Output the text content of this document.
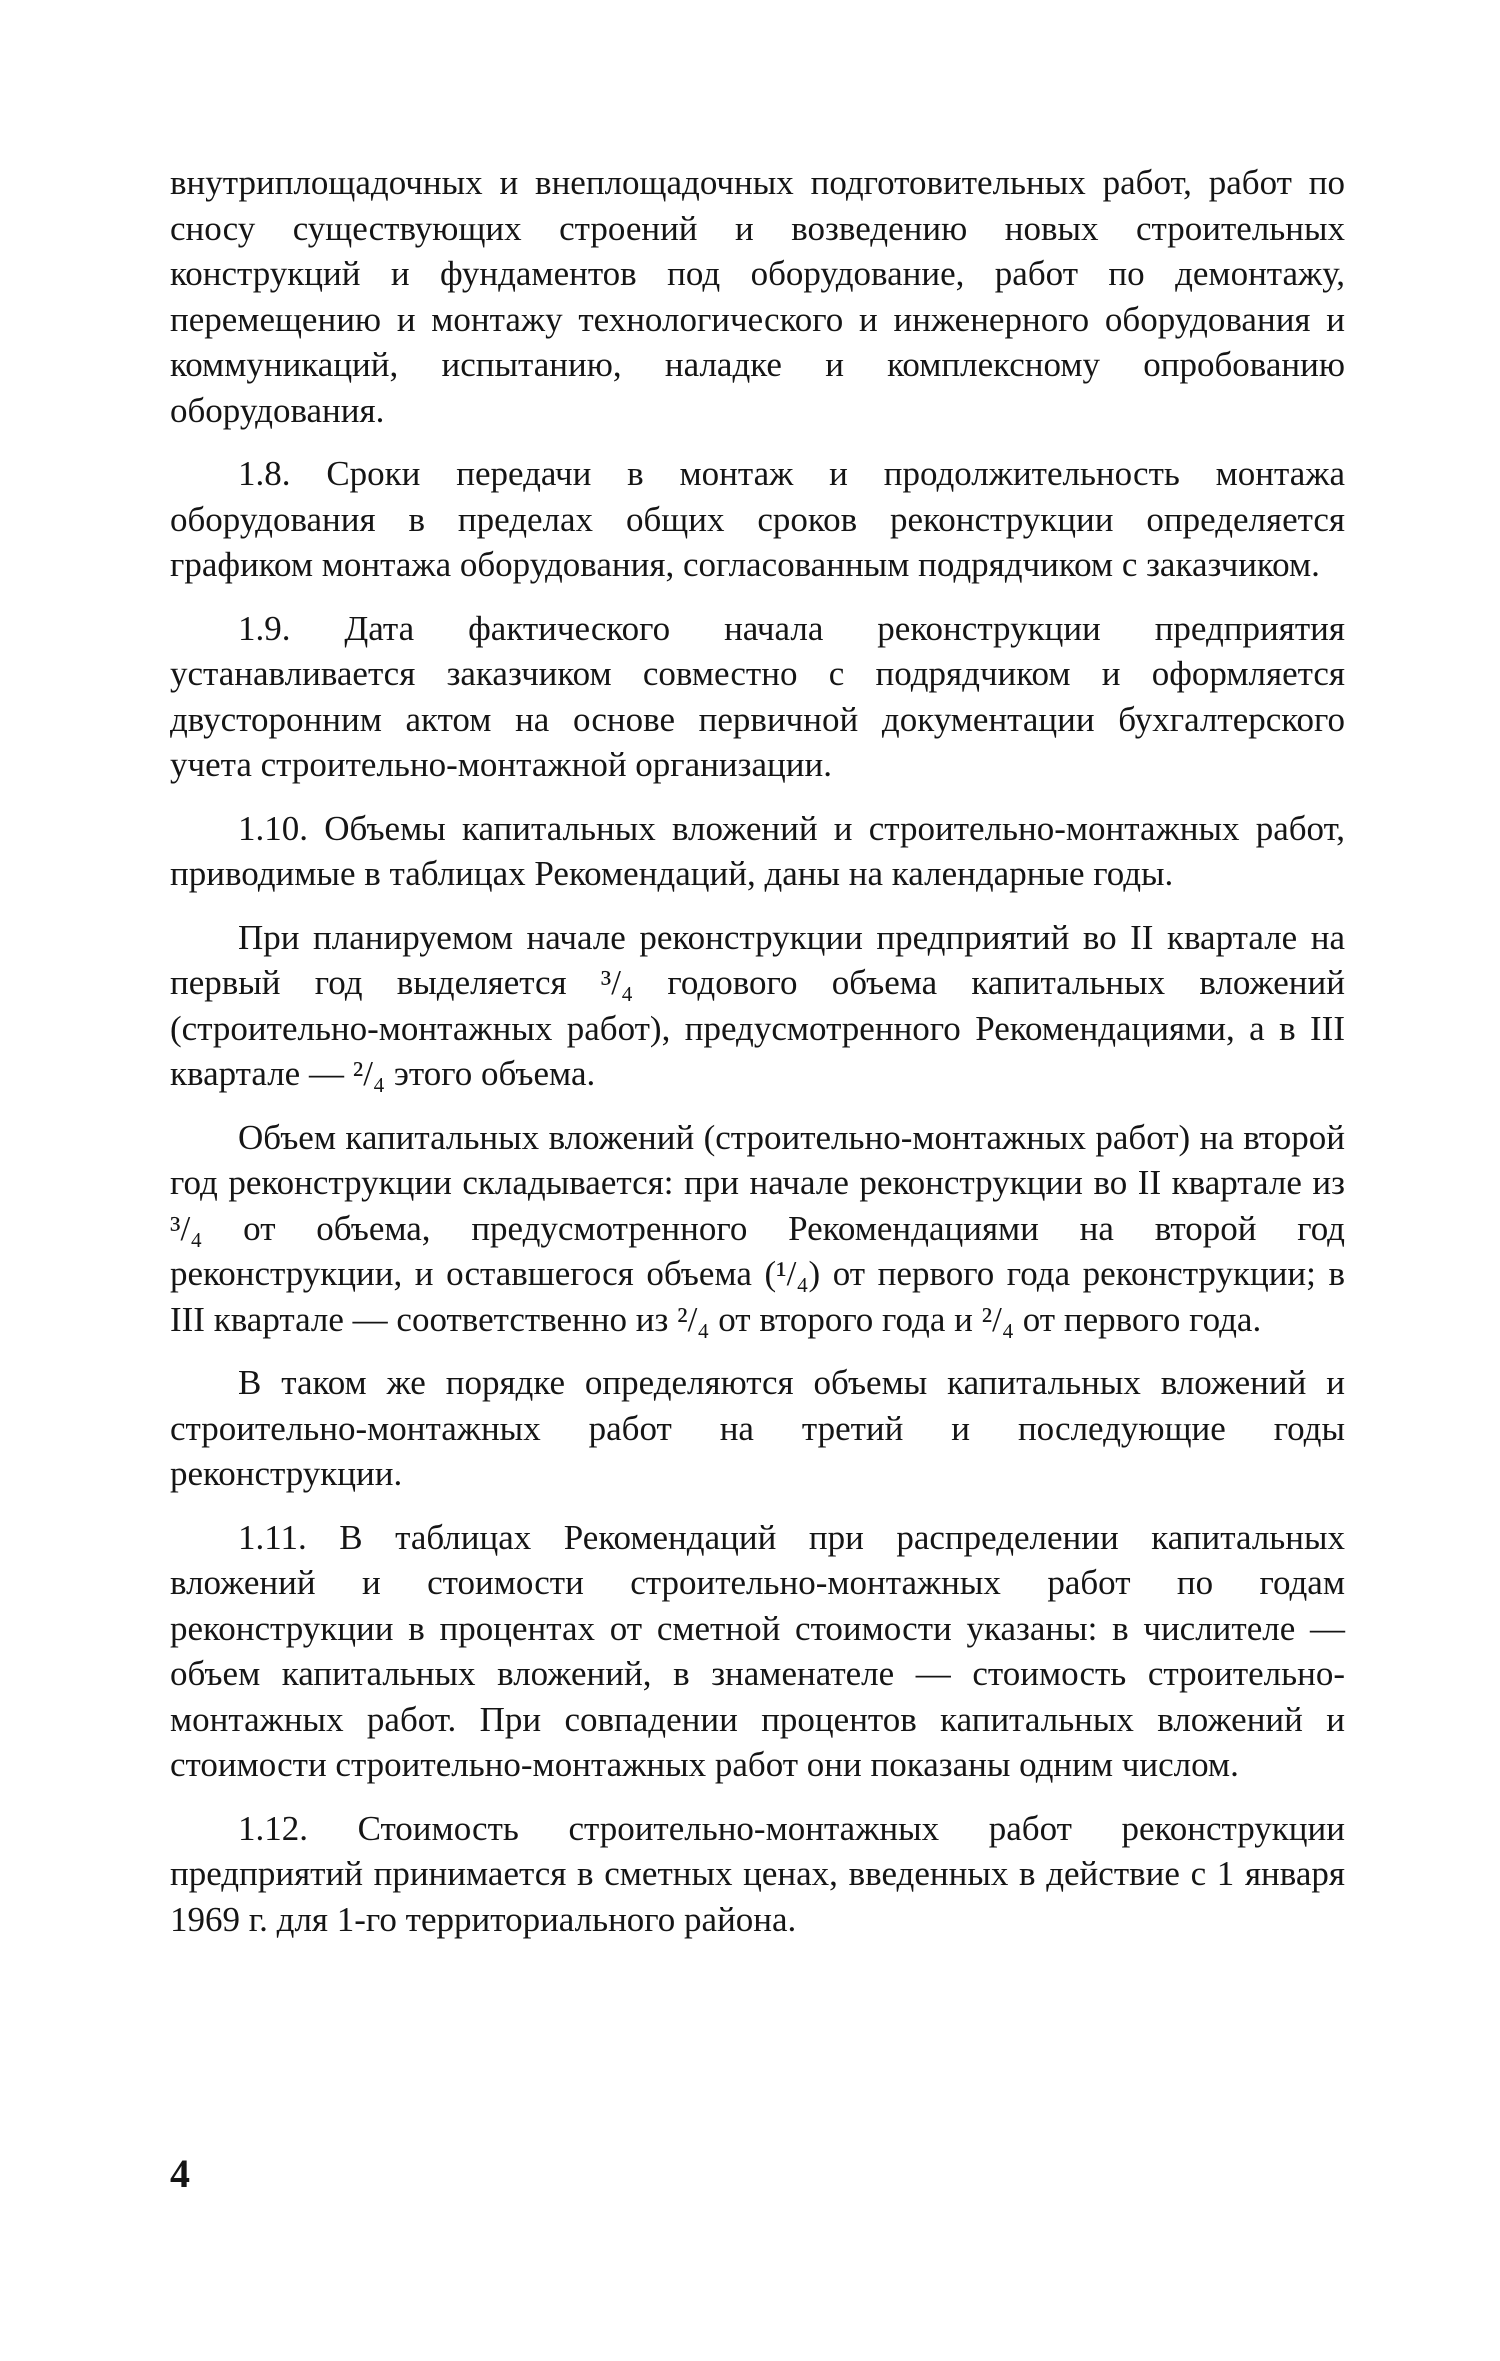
внутриплощадочных и внеплощадочных подготовительных работ, работ по сносу существующих строений и возведению новых строительных конструкций и фундаментов под оборудование, работ по демонтажу, перемещению и монтажу технологического и инженерного оборудования и коммуникаций, испытанию, наладке и комплексному опробованию оборудования.

1.8. Сроки передачи в монтаж и продолжительность монтажа оборудования в пределах общих сроков реконструкции определяется графиком монтажа оборудования, согласованным подрядчиком с заказчиком.

1.9. Дата фактического начала реконструкции предприятия устанавливается заказчиком совместно с подрядчиком и оформляется двусторонним актом на основе первичной документации бухгалтерского учета строительно-монтажной организации.

1.10. Объемы капитальных вложений и строительно-монтажных работ, приводимые в таблицах Рекомендаций, даны на календарные годы.

При планируемом начале реконструкции предприятий во II квартале на первый год выделяется ³/₄ годового объема капитальных вложений (строительно-монтажных работ), предусмотренного Рекомендациями, а в III квартале — ²/₄ этого объема.

Объем капитальных вложений (строительно-монтажных работ) на второй год реконструкции складывается: при начале реконструкции во II квартале из ³/₄ от объема, предусмотренного Рекомендациями на второй год реконструкции, и оставшегося объема (¹/₄) от первого года реконструкции; в III квартале — соответственно из ²/₄ от второго года и ²/₄ от первого года.

В таком же порядке определяются объемы капитальных вложений и строительно-монтажных работ на третий и последующие годы реконструкции.

1.11. В таблицах Рекомендаций при распределении капитальных вложений и стоимости строительно-монтажных работ по годам реконструкции в процентах от сметной стоимости указаны: в числителе — объем капитальных вложений, в знаменателе — стоимость строительно-монтажных работ. При совпадении процентов капитальных вложений и стоимости строительно-монтажных работ они показаны одним числом.

1.12. Стоимость строительно-монтажных работ реконструкции предприятий принимается в сметных ценах, введенных в действие с 1 января 1969 г. для 1-го территориального района.

4
